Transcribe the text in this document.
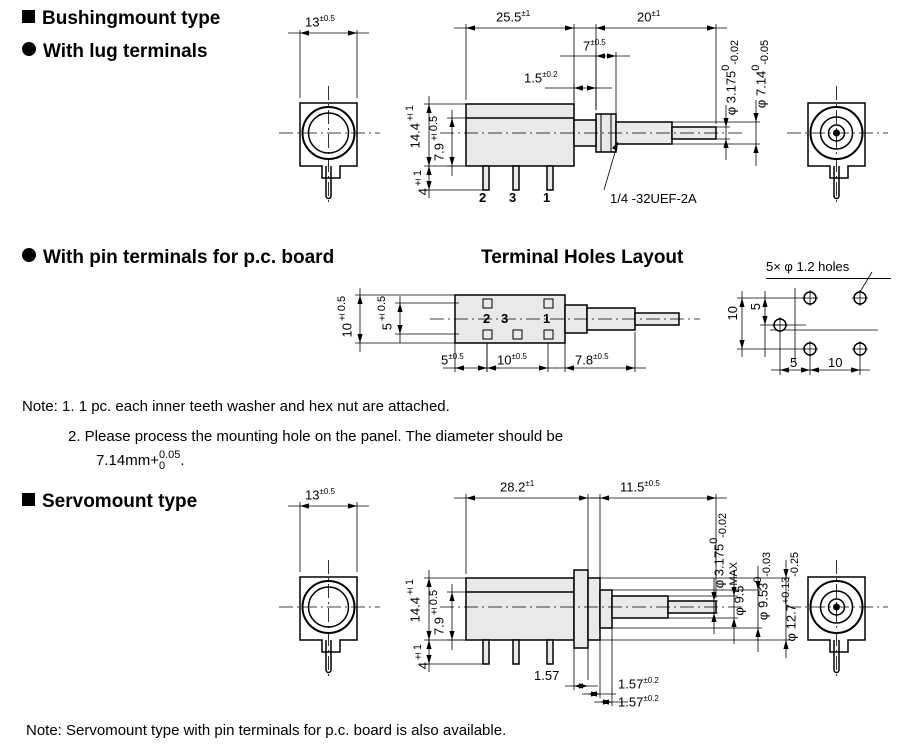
Bushingmount type
With lug terminals
$13^{\pm 0.5}$	$25.5^{\pm 1}$	$20^{\pm 1}$
$7^{\pm 0.5}$
$1.5^{\pm 0.2}$
$14.4^{\pm 1}$
$7.9^{\pm 0.5}$
$4^{\pm 1}$
φ $3.175^0_{-0.02}$
φ $7.14^0_{-0.05}$
1/4 -32UEF-2A
2 3 1
With pin terminals for p.c. board	Terminal Holes Layout	5× φ 1.2 holes
$10^{\pm 0.5}$
$5^{\pm 0.5}$
$5^{\pm 0.5}$	$10^{\pm 0.5}$	$7.8^{\pm 0.5}$
2 3	1	10 5
5 10
Note: 1. 1 pc. each inner teeth washer and hex nut are attached.
2. Please process the mounting hole on the panel. The diameter should be
7.14mm+ 0.05
0	.
Servomount type	$13^{\pm 0.5}$	$28.2^{\pm 1}$	$11.5^{\pm 0.5}$
φ $3.175^0_{-0.02}$
φ $9.5^{MAX}$
φ $9.53^0_{-0.03}$
φ $12.7^{+0.13}_{-0.25}$
$14.4^{\pm 1}$
$7.9^{\pm 0.5}$
$4^{\pm 1}$
1.57
$1.57^{\pm 0.2}$
$1.57^{\pm 0.2}$
Note: Servomount type with pin terminals for p.c. board is also available.
